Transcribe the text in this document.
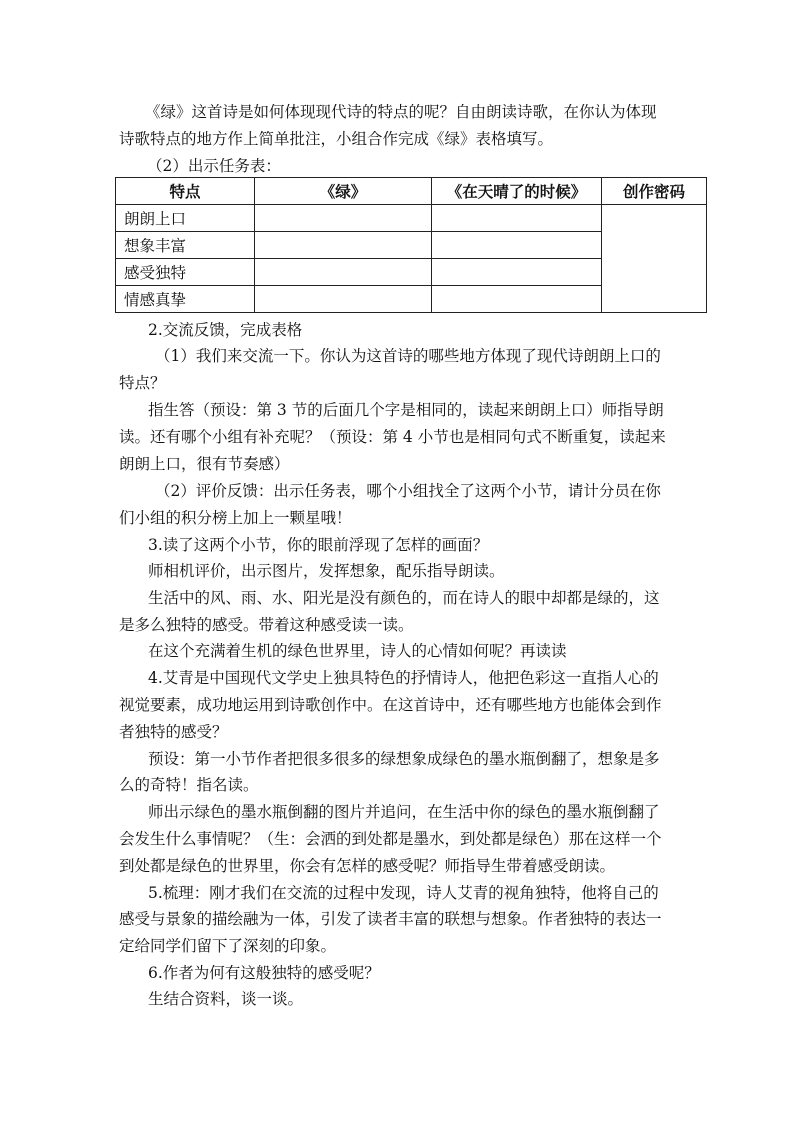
《绿》这首诗是如何体现现代诗的特点的呢？自由朗读诗歌，在你认为体现
诗歌特点的地方作上简单批注，小组合作完成《绿》表格填写。
（2）出示任务表：
特点	《绿》	《在天晴了的时候》	创作密码
朗朗上口			
想象丰富			
感受独特			
情感真挚			
2.交流反馈，完成表格
（1）我们来交流一下。你认为这首诗的哪些地方体现了现代诗朗朗上口的
特点？
指生答（预设：第 3 节的后面几个字是相同的，读起来朗朗上口）师指导朗
读。还有哪个小组有补充呢？（预设：第 4 小节也是相同句式不断重复，读起来
朗朗上口，很有节奏感）
（2）评价反馈：出示任务表，哪个小组找全了这两个小节，请计分员在你
们小组的积分榜上加上一颗星哦！
3.读了这两个小节，你的眼前浮现了怎样的画面？
师相机评价，出示图片，发挥想象，配乐指导朗读。
生活中的风、雨、水、阳光是没有颜色的，而在诗人的眼中却都是绿的，这
是多么独特的感受。带着这种感受读一读。
在这个充满着生机的绿色世界里，诗人的心情如何呢？再读读
4.艾青是中国现代文学史上独具特色的抒情诗人，他把色彩这一直指人心的
视觉要素，成功地运用到诗歌创作中。在这首诗中，还有哪些地方也能体会到作
者独特的感受？
预设：第一小节作者把很多很多的绿想象成绿色的墨水瓶倒翻了，想象是多
么的奇特！指名读。
师出示绿色的墨水瓶倒翻的图片并追问，在生活中你的绿色的墨水瓶倒翻了
会发生什么事情呢？（生：会洒的到处都是墨水，到处都是绿色）那在这样一个
到处都是绿色的世界里，你会有怎样的感受呢？师指导生带着感受朗读。
5.梳理：刚才我们在交流的过程中发现，诗人艾青的视角独特，他将自己的
感受与景象的描绘融为一体，引发了读者丰富的联想与想象。作者独特的表达一
定给同学们留下了深刻的印象。
6.作者为何有这般独特的感受呢？
生结合资料，谈一谈。
